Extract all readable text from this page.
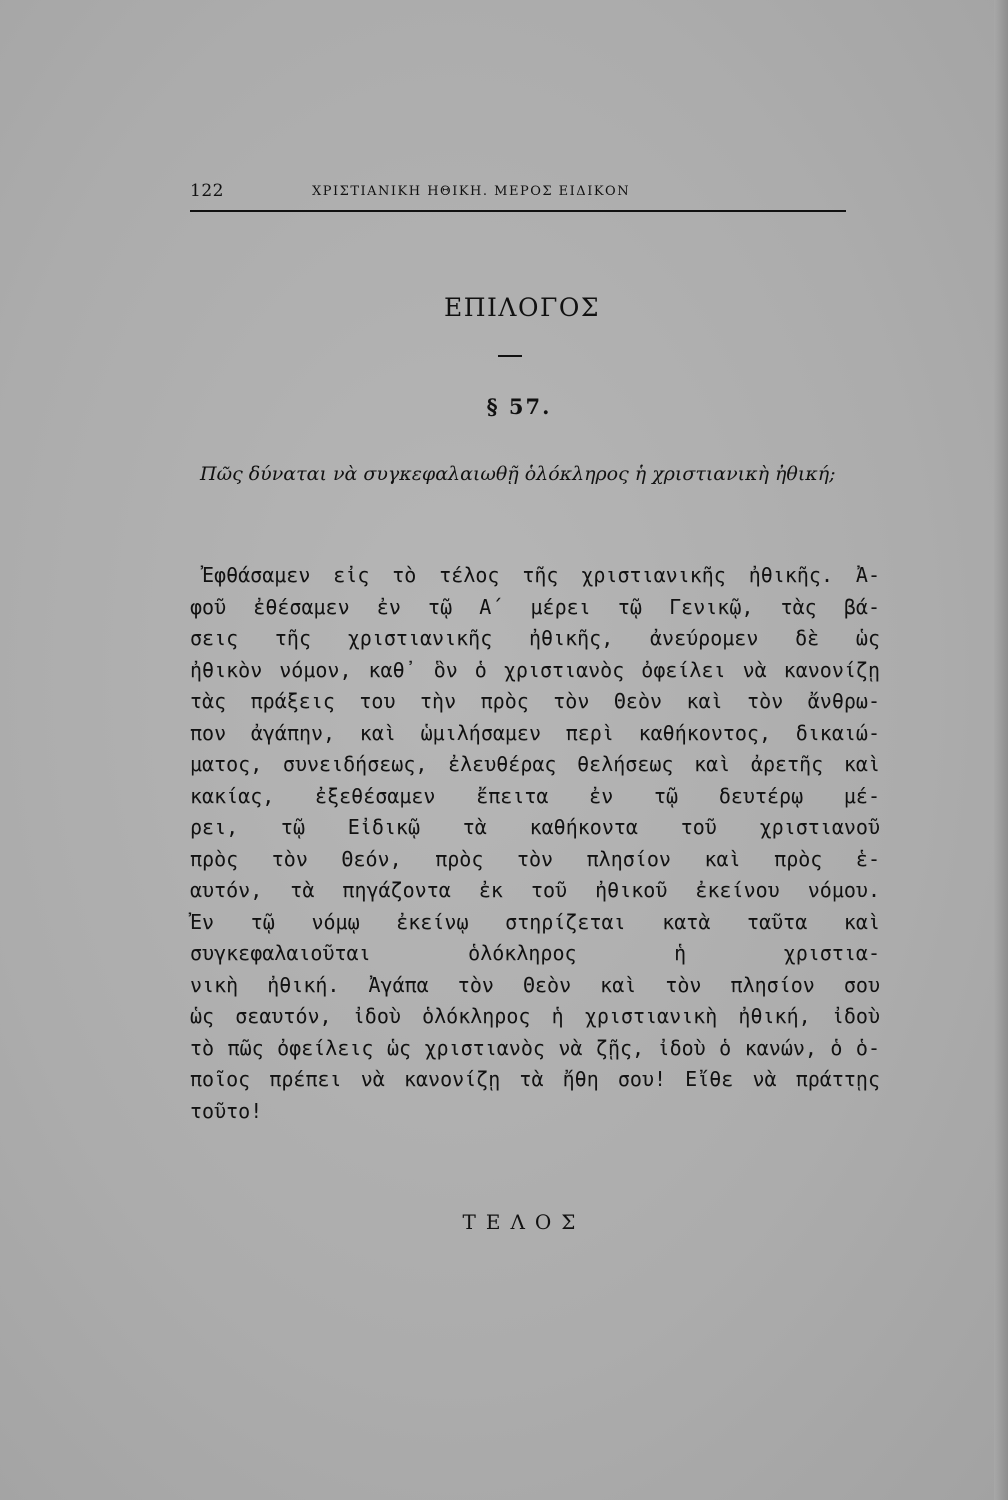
122	ΧΡΙΣΤΙΑΝΙΚΗ ΗΘΙΚΗ. ΜΕΡΟΣ ΕΙΔΙΚΟΝ
ΕΠΙΛΟΓΟΣ
§ 57.
Πῶς δύναται νὰ συγκεφαλαιωθῇ ὁλόκληρος ἡ χριστιανικὴ ἠθική;
Ἐφθάσαμεν εἰς τὸ τέλος τῆς χριστιανικῆς ἠθικῆς. Ἀ-
φοῦ ἐθέσαμεν ἐν τῷ Α΄ μέρει τῷ Γενικῷ, τὰς βά-
σεις τῆς χριστιανικῆς ἠθικῆς, ἀνεύρομεν δὲ ὡς
ἠθικὸν νόμον, καθ᾿ ὃν ὁ χριστιανὸς ὀφείλει νὰ κανονίζῃ
τὰς πράξεις του τὴν πρὸς τὸν Θεὸν καὶ τὸν ἄνθρω-
πον ἀγάπην, καὶ ὡμιλήσαμεν περὶ καθήκοντος, δικαιώ-
ματος, συνειδήσεως, ἐλευθέρας θελήσεως καὶ ἀρετῆς καὶ
κακίας, ἐξεθέσαμεν ἔπειτα ἐν τῷ δευτέρῳ μέ-
ρει, τῷ Εἰδικῷ τὰ καθήκοντα τοῦ χριστιανοῦ
πρὸς τὸν Θεόν, πρὸς τὸν πλησίον καὶ πρὸς ἑ-
αυτόν, τὰ πηγάζοντα ἐκ τοῦ ἠθικοῦ ἐκείνου νόμου.
Ἐν τῷ νόμῳ ἐκείνῳ στηρίζεται κατὰ ταῦτα καὶ
συγκεφαλαιοῦται ὁλόκληρος ἡ χριστια-
νικὴ ἠθική. Ἀγάπα τὸν Θεὸν καὶ τὸν πλησίον σου
ὡς σεαυτόν, ἰδοὺ ὁλόκληρος ἡ χριστιανικὴ ἠθική, ἰδοὺ
τὸ πῶς ὀφείλεις ὡς χριστιανὸς νὰ ζῇς, ἰδοὺ ὁ κανών, ὁ ὁ-
ποῖος πρέπει νὰ κανονίζῃ τὰ ἤθη σου! Εἴθε νὰ πράττῃς
τοῦτο!
ΤΕΛΟΣ
